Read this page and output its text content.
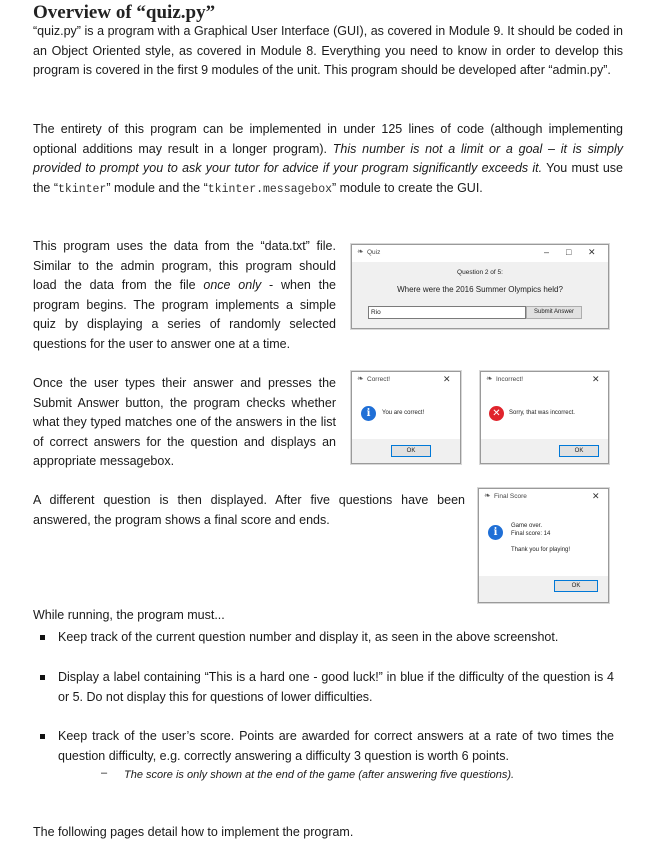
Overview of “quiz.py”
“quiz.py” is a program with a Graphical User Interface (GUI), as covered in Module 9. It should be coded in an Object Oriented style, as covered in Module 8. Everything you need to know in order to develop this program is covered in the first 9 modules of the unit. This program should be developed after “admin.py”.
The entirety of this program can be implemented in under 125 lines of code (although implementing optional additions may result in a longer program). This number is not a limit or a goal – it is simply provided to prompt you to ask your tutor for advice if your program significantly exceeds it. You must use the “tkinter” module and the “tkinter.messagebox” module to create the GUI.
This program uses the data from the “data.txt” file. Similar to the admin program, this program should load the data from the file once only - when the program begins. The program implements a simple quiz by displaying a series of randomly selected questions for the user to answer one at a time.
❧ Quiz	– □ ✕
Question 2 of 5:
Where were the 2016 Summer Olympics held?
Rio	Submit Answer
Once the user types their answer and presses the Submit Answer button, the program checks whether what they typed matches one of the answers in the list of correct answers for the question and displays an appropriate messagebox.
❧ Correct!	✕
i	You are correct!
OK
❧ Incorrect!	✕
✕	Sorry, that was incorrect.
OK
A different question is then displayed. After five questions have been answered, the program shows a final score and ends.
❧ Final Score	✕
i
Game over.
Final score: 14
Thank you for playing!
OK
While running, the program must...
Keep track of the current question number and display it, as seen in the above screenshot.
Display a label containing “This is a hard one - good luck!” in blue if the difficulty of the question is 4 or 5. Do not display this for questions of lower difficulties.
Keep track of the user’s score. Points are awarded for correct answers at a rate of two times the question difficulty, e.g. correctly answering a difficulty 3 question is worth 6 points.
– The score is only shown at the end of the game (after answering five questions).
The following pages detail how to implement the program.
